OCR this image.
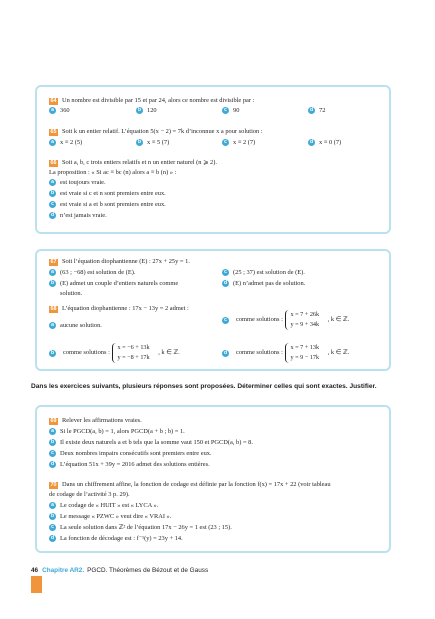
64 Un nombre est divisible par 15 et par 24, alors ce nombre est divisible par :
a 360	b 120	c 90	d 72
65 Soit k un entier relatif. L’équation 5(x − 2) = 7k d’inconnue x a pour solution :
a x ≡ 2 (5)	b x ≡ 5 (7)	c x ≡ 2 (7)	d x ≡ 0 (7)
66 Soit a, b, c trois entiers relatifs et n un entier naturel (n ⩾ 2).
La proposition : « Si ac ≡ bc (n) alors a ≡ b (n) » :
a est toujours vraie.
b est vraie si c et n sont premiers entre eux.
c est vraie si a et b sont premiers entre eux.
d n’est jamais vraie.
67 Soit l’équation diophantienne (E) : 27x + 25y = 1.
a (63 ; −68) est solution de (E).	c (25 ; 37) est solution de (E).
b (E) admet un couple d’entiers naturels comme
solution.
d (E) n’admet pas de solution.
68 L’équation diophantienne : 17x − 13y = 2 admet :
a aucune solution.
c comme solutions :
x = 7 + 26k
y = 9 + 34k
, k ∈ ℤ.
b comme solutions :
x = −6 + 13k
y = −8 + 17k
, k ∈ ℤ.	d comme solutions :
x = 7 + 13k
y = 9 − 17k
, k ∈ ℤ.
Dans les exercices suivants, plusieurs réponses sont proposées. Déterminer celles qui sont exactes. Justifier.
69 Relever les affirmations vraies.
a Si le PGCD(a, b) = 1, alors PGCD(a + b ; b) = 1.
b Il existe deux naturels a et b tels que la somme vaut 150 et PGCD(a, b) = 8.
c Deux nombres impairs consécutifs sont premiers entre eux.
d L’équation 51x + 39y = 2016 admet des solutions entières.
70 Dans un chiffrement affine, la fonction de codage est définie par la fonction f(x) = 17x + 22 (voir tableau
de codage de l’activité 3 p. 29).
a Le codage de « HUIT » est « LYCA ».
b Le message « PZWC » veut dire « VRAI ».
c La seule solution dans ℤ² de l’équation 17x − 26y = 1 est (23 ; 15).
d La fonction de décodage est : f⁻¹(y) = 23y + 14.
46 Chapitre AR2. PGCD. Théorèmes de Bézout et de Gauss
